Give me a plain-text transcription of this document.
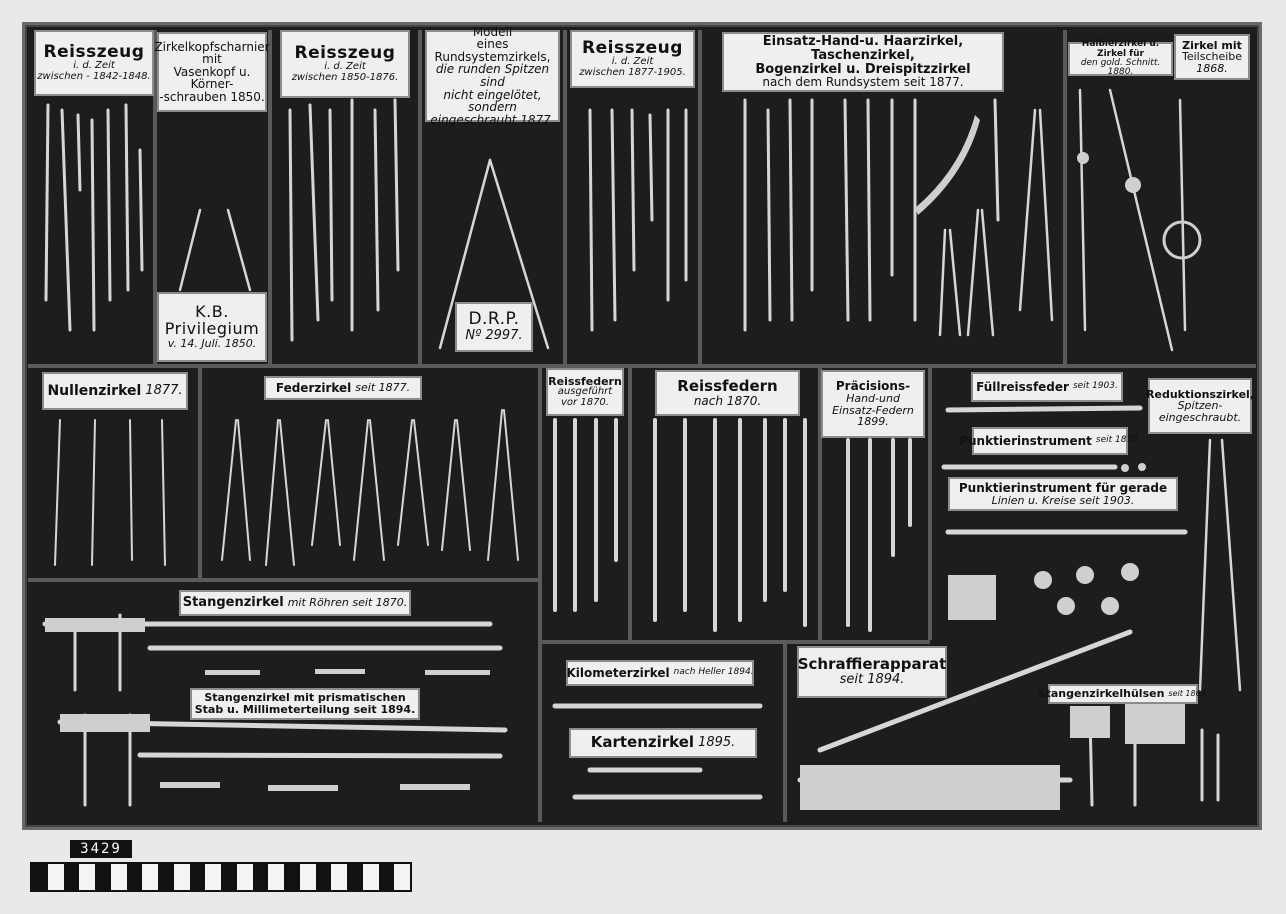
Reisszeug
i. d. Zeit
zwischen - 1842-1848.
Zirkelkopfscharnier
mit
Vasenkopf u. Körner-
-schrauben 1850.
K.B.
Privilegium
v. 14. Juli. 1850.
Reisszeug
i. d. Zeit
zwischen 1850-1876.
Modell
eines Rundsystemzirkels,
die runden Spitzen sind
nicht eingelötet, sondern
eingeschraubt 1877.
D.R.P.
Nº 2997.
Reisszeug
i. d. Zeit
zwischen 1877-1905.
Einsatz-Hand-u. Haarzirkel, Taschenzirkel,
Bogenzirkel u. Dreispitzzirkel
nach dem Rundsystem seit 1877.
Halbierzirkel u. Zirkel für
den gold. Schnitt. 1880.
Zirkel mit
Teilscheibe
1868.
Nullenzirkel 1877.	Federzirkel seit 1877.	Reissfedern
ausgeführt
vor 1870.
Reissfedern
nach 1870.
Präcisions-
Hand-und
Einsatz-Federn
1899.
Füllreissfeder seit 1903.
Reduktionszirkel,
Spitzen-
eingeschraubt.
Punktierinstrument seit 1872.
Punktierinstrument für gerade
Linien u. Kreise seit 1903.
Stangenzirkel mit Röhren seit 1870.
Stangenzirkel mit prismatischen
Stab u. Millimeterteilung seit 1894.
Kilometerzirkel nach Heller 1894.
Kartenzirkel 1895.
Schraffierapparat
seit 1894.
Stangenzirkelhülsen seit 1863.
3429
